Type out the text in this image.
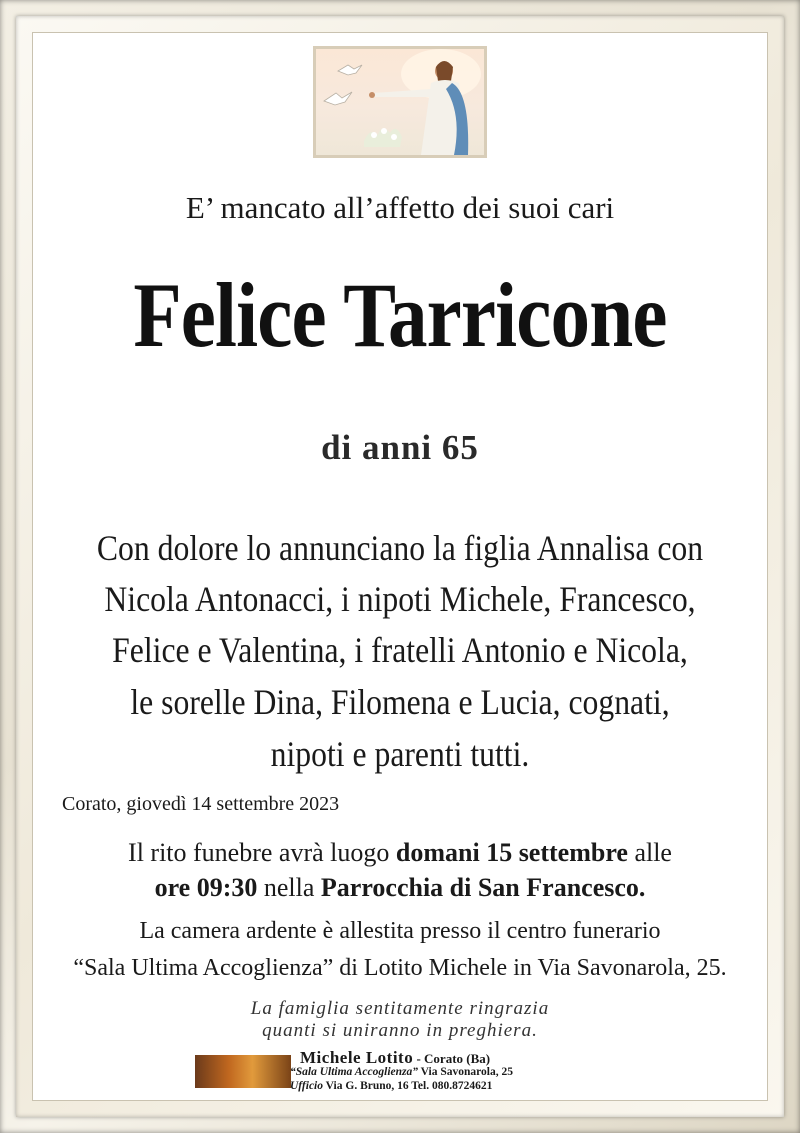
E’ mancato all’affetto dei suoi cari
Felice Tarricone
di anni 65
Con dolore lo annunciano la figlia Annalisa con
Nicola Antonacci, i nipoti Michele, Francesco,
Felice e Valentina, i fratelli Antonio e Nicola,
le sorelle Dina, Filomena e Lucia, cognati,
nipoti e parenti tutti.
Corato, giovedì 14 settembre 2023
Il rito funebre avrà luogo domani 15 settembre alle
ore 09:30 nella Parrocchia di San Francesco.
La camera ardente è allestita presso il centro funerario
“Sala Ultima Accoglienza” di Lotito Michele in Via Savonarola, 25.
La famiglia sentitamente ringrazia
quanti si uniranno in preghiera.
Michele Lotito - Corato (Ba)
“Sala Ultima Accoglienza” Via Savonarola, 25
Ufficio Via G. Bruno, 16 Tel. 080.8724621
